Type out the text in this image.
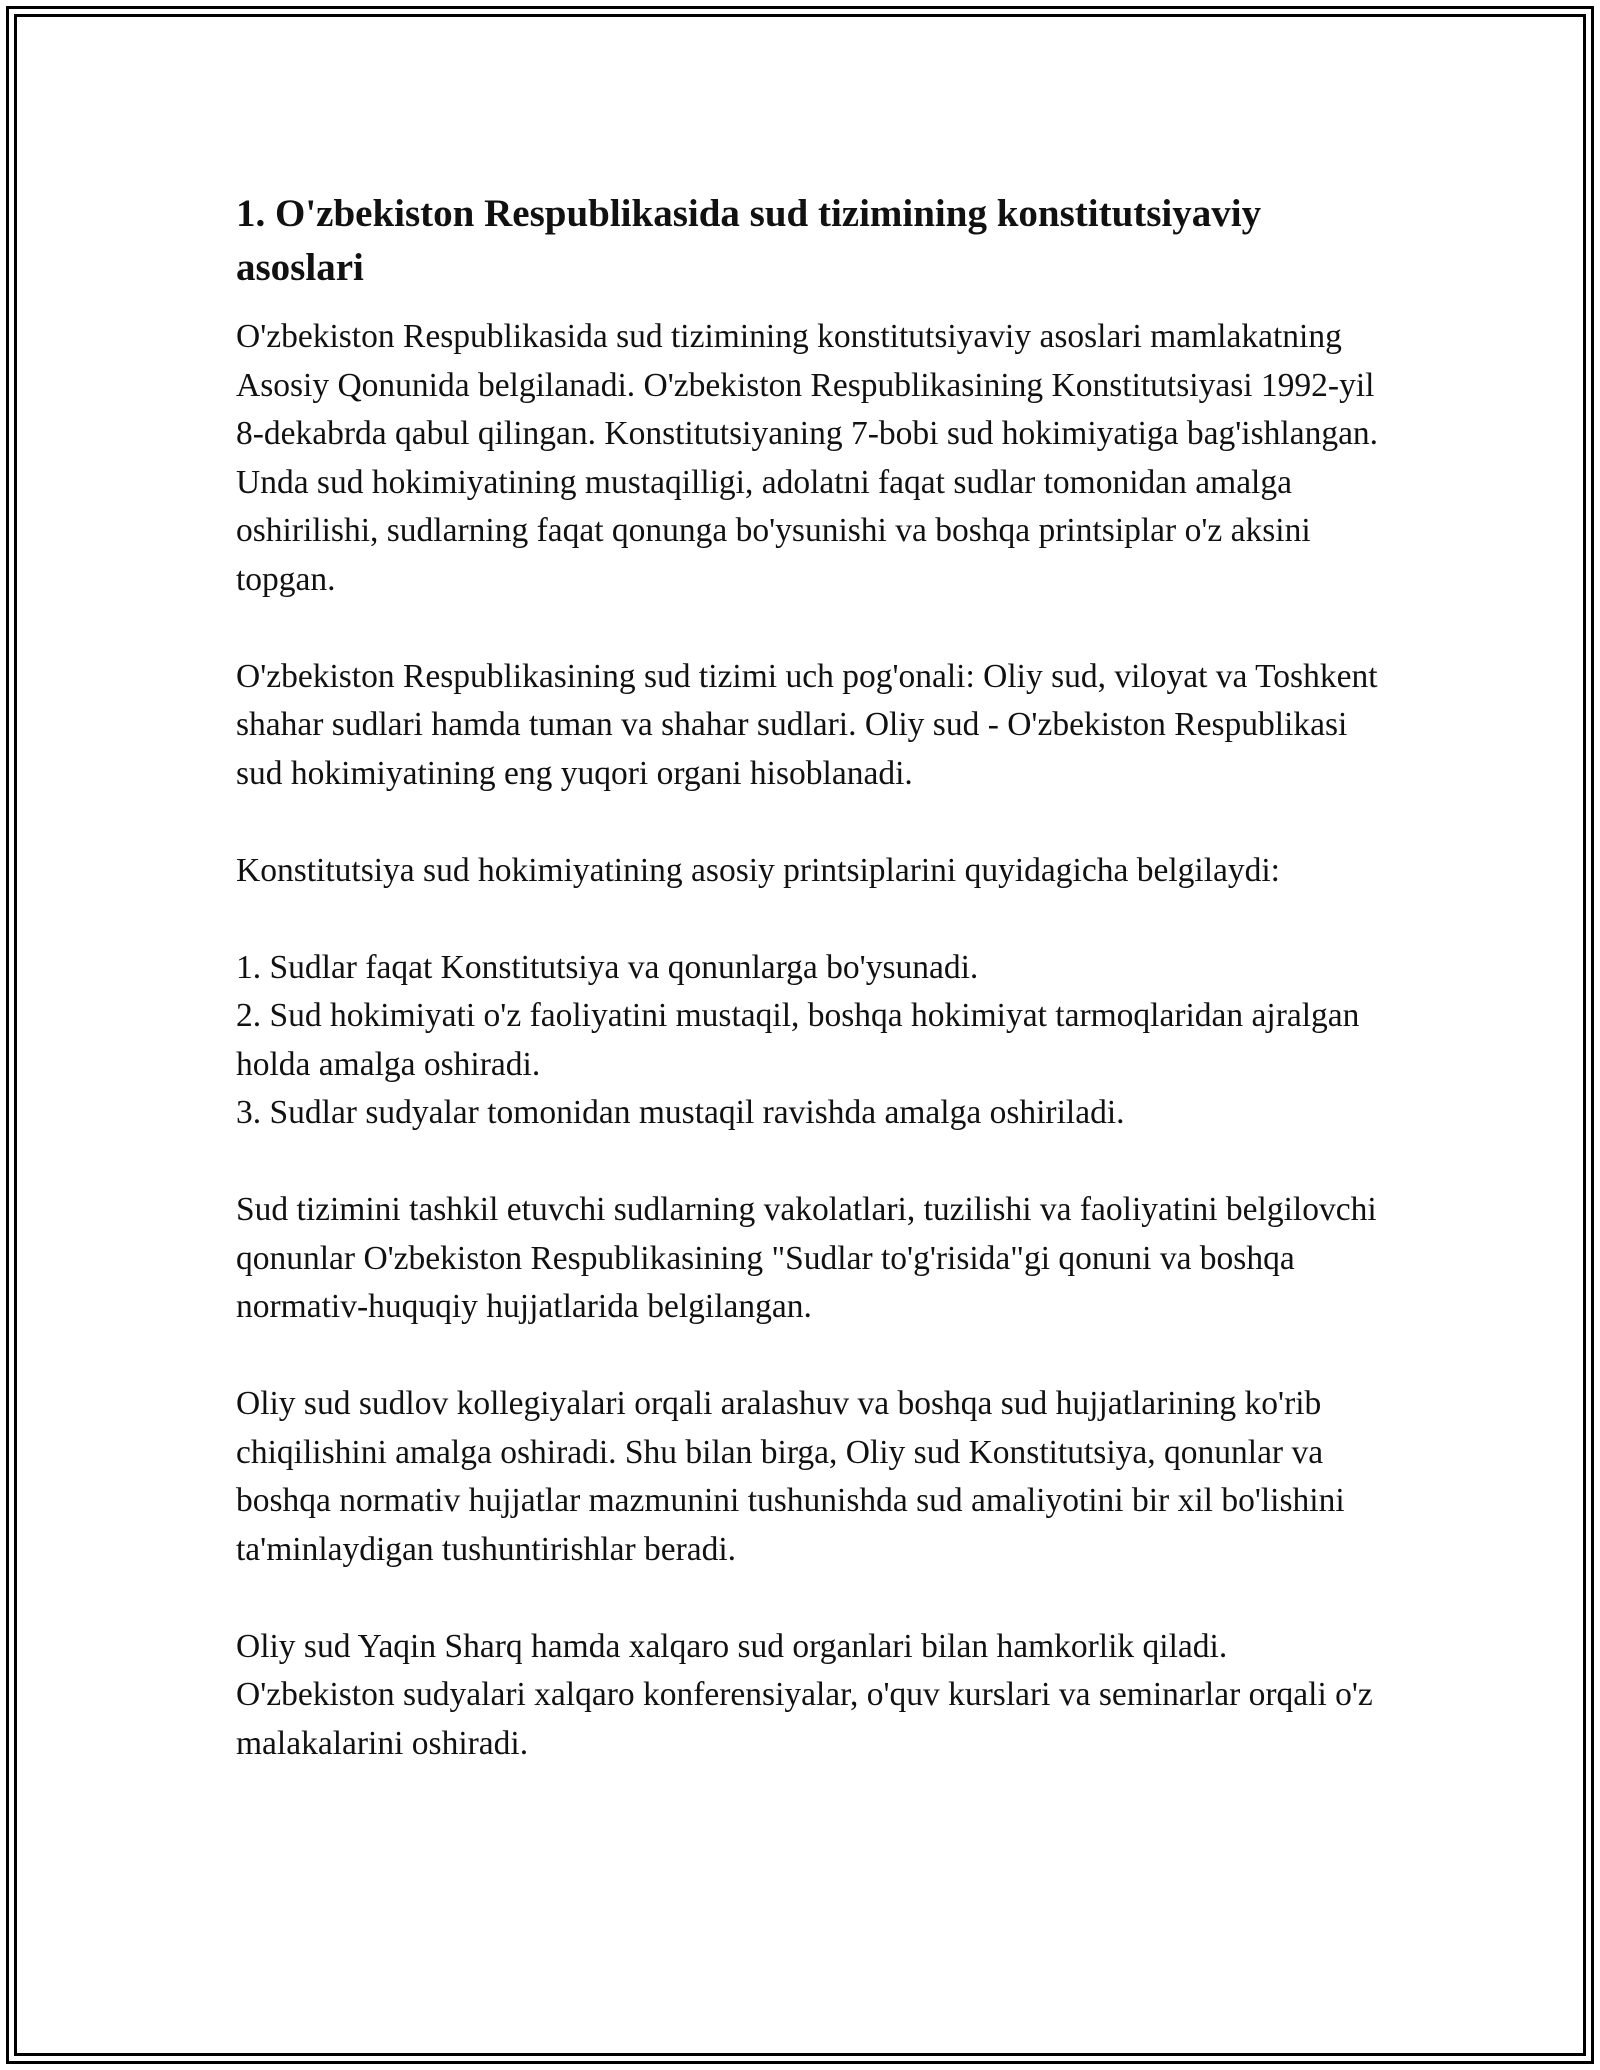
1. O'zbekiston Respublikasida sud tizimining konstitutsiyaviy asoslari

O'zbekiston Respublikasida sud tizimining konstitutsiyaviy asoslari mamlakatning Asosiy Qonunida belgilanadi. O'zbekiston Respublikasining Konstitutsiyasi 1992-yil 8-dekabrda qabul qilingan. Konstitutsiyaning 7-bobi sud hokimiyatiga bag'ishlangan. Unda sud hokimiyatining mustaqilligi, adolatni faqat sudlar tomonidan amalga oshirilishi, sudlarning faqat qonunga bo'ysunishi va boshqa printsiplar o'z aksini topgan.

O'zbekiston Respublikasining sud tizimi uch pog'onali: Oliy sud, viloyat va Toshkent shahar sudlari hamda tuman va shahar sudlari. Oliy sud - O'zbekiston Respublikasi sud hokimiyatining eng yuqori organi hisoblanadi.

Konstitutsiya sud hokimiyatining asosiy printsiplarini quyidagicha belgilaydi:

1. Sudlar faqat Konstitutsiya va qonunlarga bo'ysunadi.
2. Sud hokimiyati o'z faoliyatini mustaqil, boshqa hokimiyat tarmoqlaridan ajralgan holda amalga oshiradi.
3. Sudlar sudyalar tomonidan mustaqil ravishda amalga oshiriladi.

Sud tizimini tashkil etuvchi sudlarning vakolatlari, tuzilishi va faoliyatini belgilovchi qonunlar O'zbekiston Respublikasining "Sudlar to'g'risida"gi qonuni va boshqa normativ-huquqiy hujjatlarida belgilangan.

Oliy sud sudlov kollegiyalari orqali aralashuv va boshqa sud hujjatlarining ko'rib chiqilishini amalga oshiradi. Shu bilan birga, Oliy sud Konstitutsiya, qonunlar va boshqa normativ hujjatlar mazmunini tushunishda sud amaliyotini bir xil bo'lishini ta'minlaydigan tushuntirishlar beradi.

Oliy sud Yaqin Sharq hamda xalqaro sud organlari bilan hamkorlik qiladi. O'zbekiston sudyalari xalqaro konferensiyalar, o'quv kurslari va seminarlar orqali o'z malakalarini oshiradi.
